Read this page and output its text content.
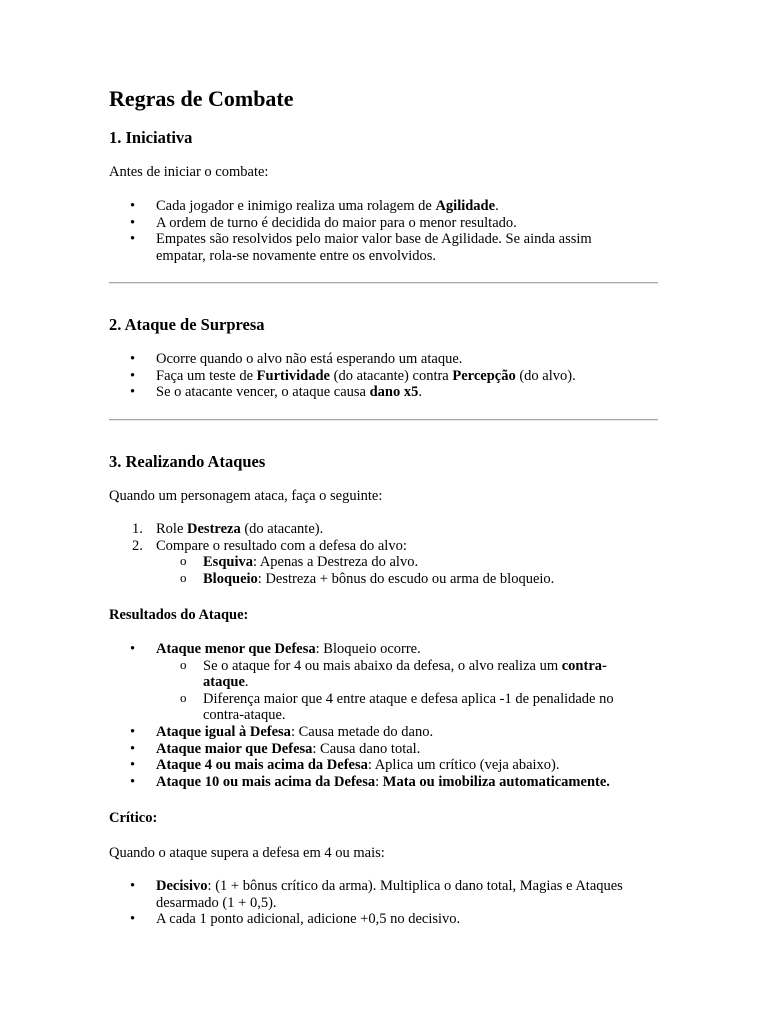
Regras de Combate
1. Iniciativa

Antes de iniciar o combate:

• Cada jogador e inimigo realiza uma rolagem de Agilidade.
• A ordem de turno é decidida do maior para o menor resultado.
• Empates são resolvidos pelo maior valor base de Agilidade. Se ainda assim empatar, rola-se novamente entre os envolvidos.
2. Ataque de Surpresa
• Ocorre quando o alvo não está esperando um ataque.
• Faça um teste de Furtividade (do atacante) contra Percepção (do alvo).
• Se o atacante vencer, o ataque causa dano x5.
3. Realizando Ataques

Quando um personagem ataca, faça o seguinte:

1. Role Destreza (do atacante).
2. Compare o resultado com a defesa do alvo:
o Esquiva: Apenas a Destreza do alvo.
o Bloqueio: Destreza + bônus do escudo ou arma de bloqueio.

Resultados do Ataque:

• Ataque menor que Defesa: Bloqueio ocorre.
o Se o ataque for 4 ou mais abaixo da defesa, o alvo realiza um contra-ataque.
o Diferença maior que 4 entre ataque e defesa aplica -1 de penalidade no contra-ataque.
• Ataque igual à Defesa: Causa metade do dano.
• Ataque maior que Defesa: Causa dano total.
• Ataque 4 ou mais acima da Defesa: Aplica um crítico (veja abaixo).
• Ataque 10 ou mais acima da Defesa: Mata ou imobiliza automaticamente.

Crítico:

Quando o ataque supera a defesa em 4 ou mais:

• Decisivo: (1 + bônus crítico da arma). Multiplica o dano total, Magias e Ataques desarmado (1 + 0,5).
• A cada 1 ponto adicional, adicione +0,5 no decisivo.
